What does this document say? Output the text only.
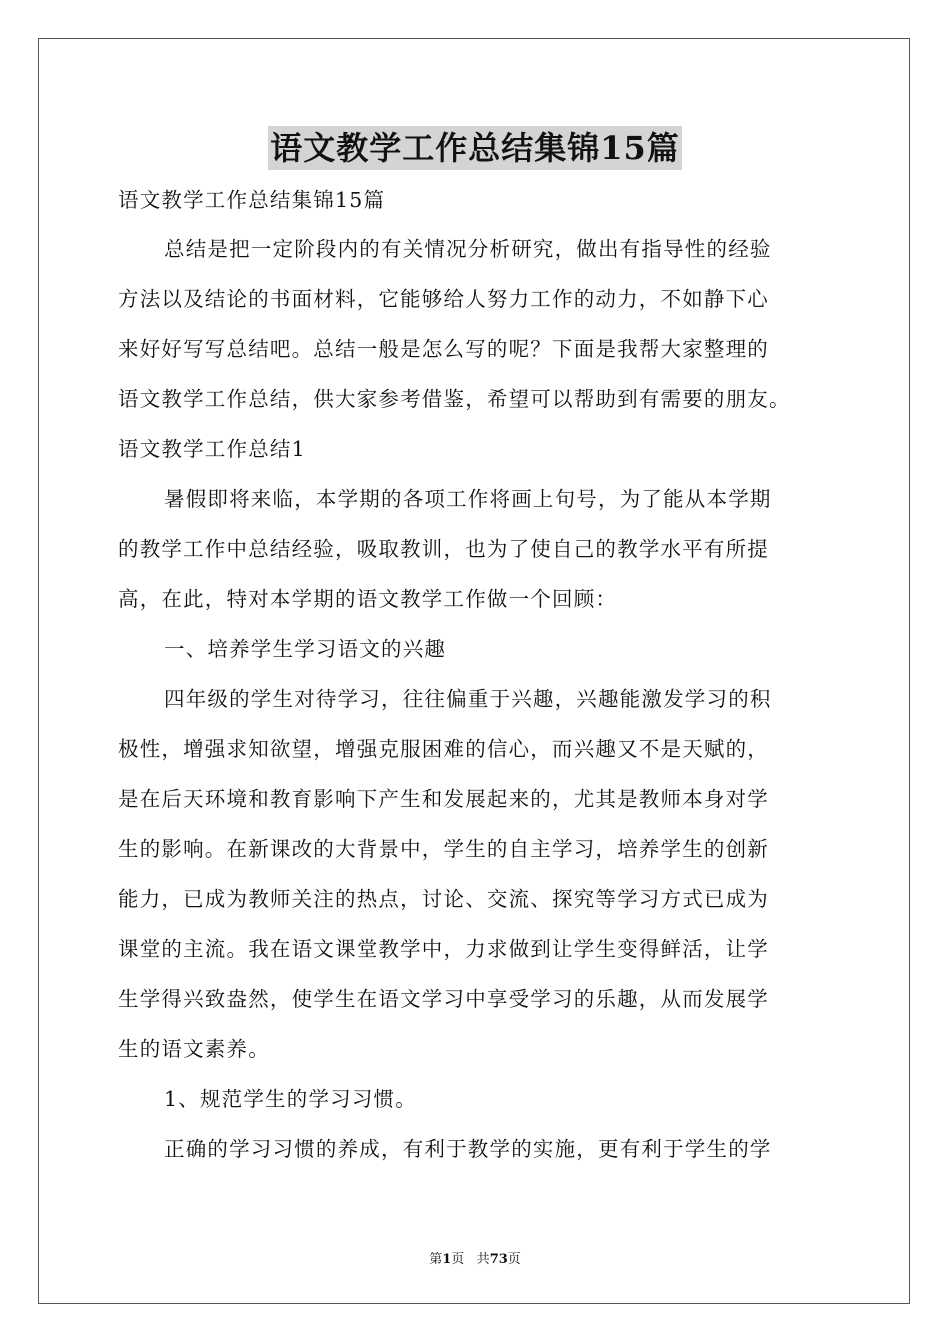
语文教学工作总结集锦15篇
语文教学工作总结集锦15篇
总结是把一定阶段内的有关情况分析研究，做出有指导性的经验
方法以及结论的书面材料，它能够给人努力工作的动力，不如静下心
来好好写写总结吧。总结一般是怎么写的呢？下面是我帮大家整理的
语文教学工作总结，供大家参考借鉴，希望可以帮助到有需要的朋友。
语文教学工作总结1
暑假即将来临，本学期的各项工作将画上句号，为了能从本学期
的教学工作中总结经验，吸取教训，也为了使自己的教学水平有所提
高，在此，特对本学期的语文教学工作做一个回顾：
一、培养学生学习语文的兴趣
四年级的学生对待学习，往往偏重于兴趣，兴趣能激发学习的积
极性，增强求知欲望，增强克服困难的信心，而兴趣又不是天赋的，
是在后天环境和教育影响下产生和发展起来的，尤其是教师本身对学
生的影响。在新课改的大背景中，学生的自主学习，培养学生的创新
能力，已成为教师关注的热点，讨论、交流、探究等学习方式已成为
课堂的主流。我在语文课堂教学中，力求做到让学生变得鲜活，让学
生学得兴致盎然，使学生在语文学习中享受学习的乐趣，从而发展学
生的语文素养。
1、规范学生的学习习惯。
正确的学习习惯的养成，有利于教学的实施，更有利于学生的学
第1页 共73页
